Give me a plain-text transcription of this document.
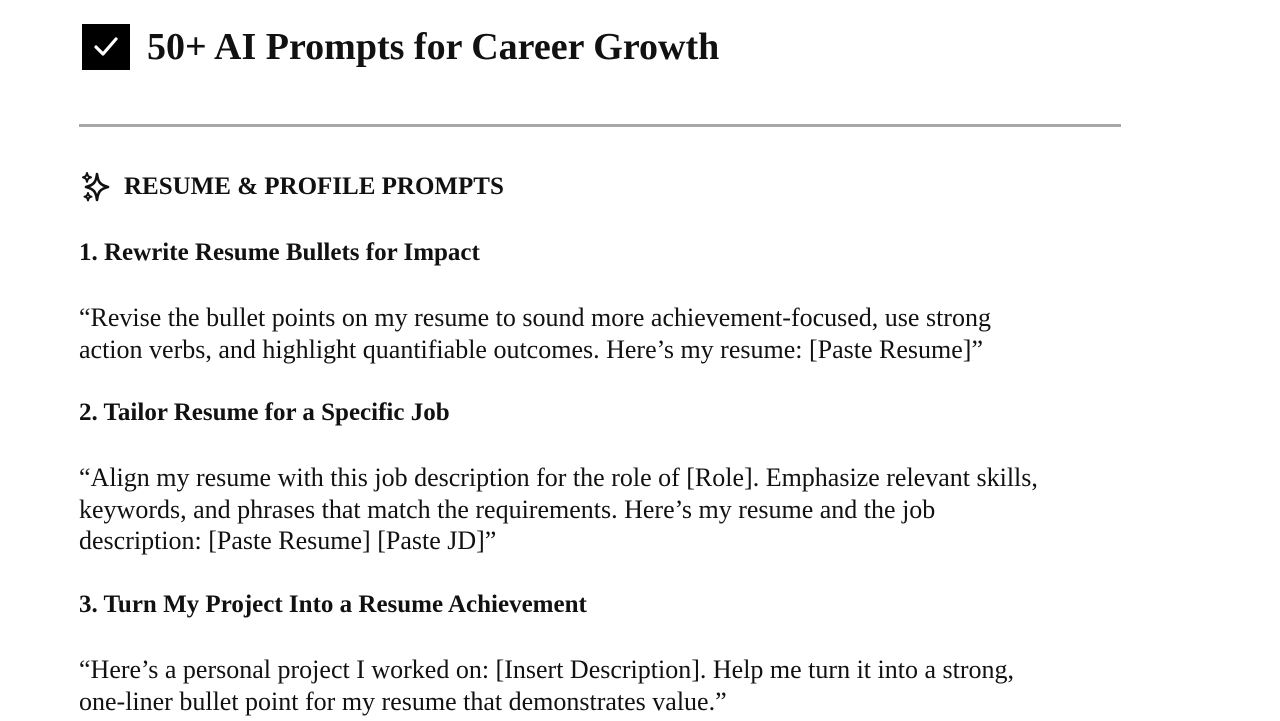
50+ AI Prompts for Career Growth
RESUME & PROFILE PROMPTS
1. Rewrite Resume Bullets for Impact
“Revise the bullet points on my resume to sound more achievement-focused, use strong
action verbs, and highlight quantifiable outcomes. Here’s my resume: [Paste Resume]”
2. Tailor Resume for a Specific Job
“Align my resume with this job description for the role of [Role]. Emphasize relevant skills,
keywords, and phrases that match the requirements. Here’s my resume and the job
description: [Paste Resume] [Paste JD]”
3. Turn My Project Into a Resume Achievement
“Here’s a personal project I worked on: [Insert Description]. Help me turn it into a strong,
one-liner bullet point for my resume that demonstrates value.”
